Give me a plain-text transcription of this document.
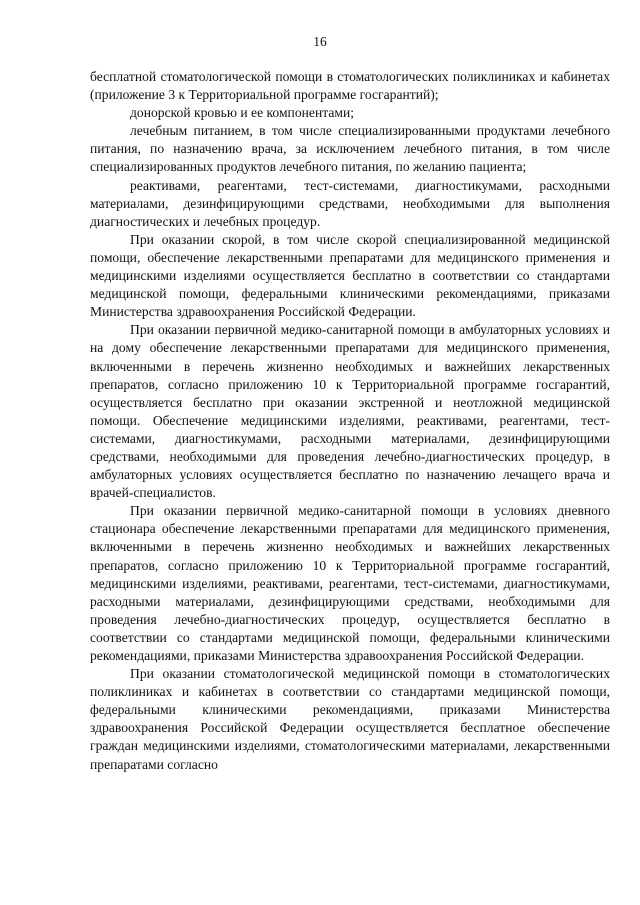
16

бесплатной стоматологической помощи в стоматологических поликлиниках и кабинетах (приложение 3 к Территориальной программе госгарантий);

донорской кровью и ее компонентами;

лечебным питанием, в том числе специализированными продуктами лечебного питания, по назначению врача, за исключением лечебного питания, в том числе специализированных продуктов лечебного питания, по желанию пациента;

реактивами, реагентами, тест-системами, диагностикумами, расходными материалами, дезинфицирующими средствами, необходимыми для выполнения диагностических и лечебных процедур.

При оказании скорой, в том числе скорой специализированной медицинской помощи, обеспечение лекарственными препаратами для медицинского применения и медицинскими изделиями осуществляется бесплатно в соответствии со стандартами медицинской помощи, федеральными клиническими рекомендациями, приказами Министерства здравоохранения Российской Федерации.

При оказании первичной медико-санитарной помощи в амбулаторных условиях и на дому обеспечение лекарственными препаратами для медицинского применения, включенными в перечень жизненно необходимых и важнейших лекарственных препаратов, согласно приложению 10 к Территориальной программе госгарантий, осуществляется бесплатно при оказании экстренной и неотложной медицинской помощи. Обеспечение медицинскими изделиями, реактивами, реагентами, тест-системами, диагностикумами, расходными материалами, дезинфицирующими средствами, необходимыми для проведения лечебно-диагностических процедур, в амбулаторных условиях осуществляется бесплатно по назначению лечащего врача и врачей-специалистов.

При оказании первичной медико-санитарной помощи в условиях дневного стационара обеспечение лекарственными препаратами для медицинского применения, включенными в перечень жизненно необходимых и важнейших лекарственных препаратов, согласно приложению 10 к Территориальной программе госгарантий, медицинскими изделиями, реактивами, реагентами, тест-системами, диагностикумами, расходными материалами, дезинфицирующими средствами, необходимыми для проведения лечебно-диагностических процедур, осуществляется бесплатно в соответствии со стандартами медицинской помощи, федеральными клиническими рекомендациями, приказами Министерства здравоохранения Российской Федерации.

При оказании стоматологической медицинской помощи в стоматологических поликлиниках и кабинетах в соответствии со стандартами медицинской помощи, федеральными клиническими рекомендациями, приказами Министерства здравоохранения Российской Федерации осуществляется бесплатное обеспечение граждан медицинскими изделиями, стоматологическими материалами, лекарственными препаратами согласно
